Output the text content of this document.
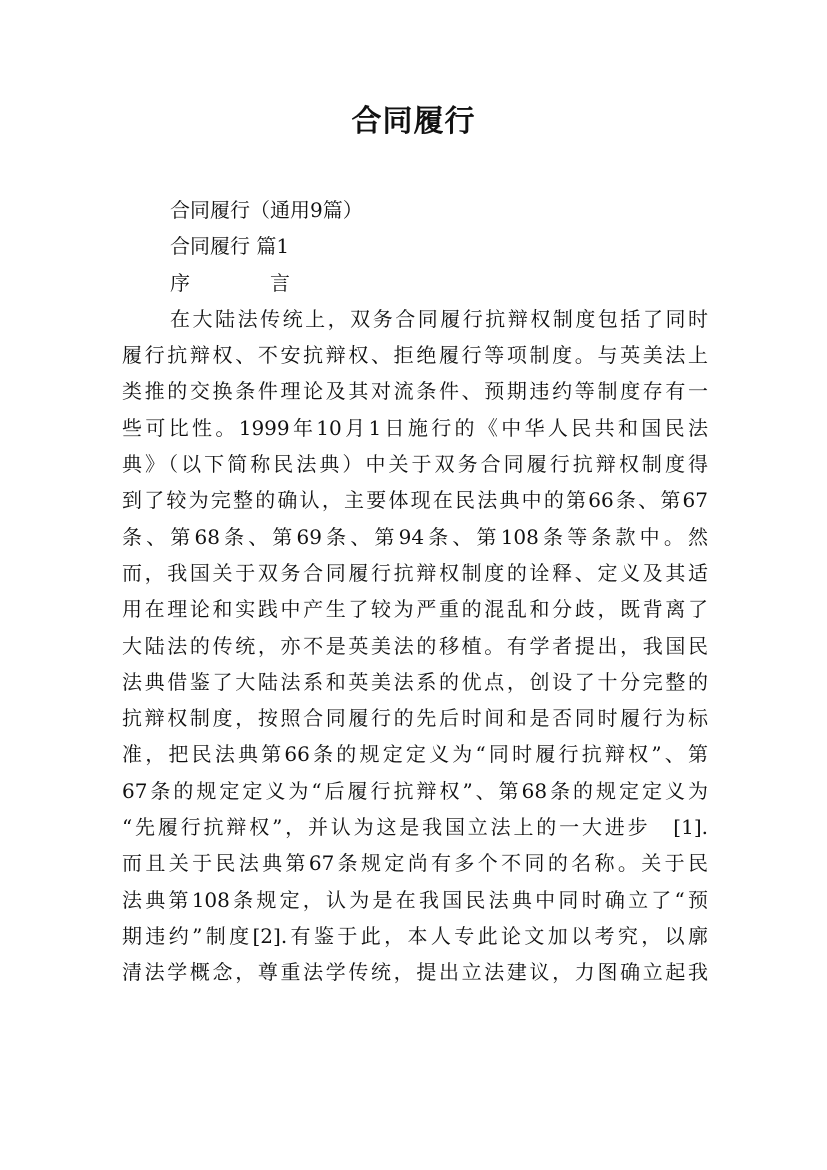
合同履行
合同履行（通用9篇）
合同履行 篇1
序　　　　言
在大陆法传统上，双务合同履行抗辩权制度包括了同时
履行抗辩权、不安抗辩权、拒绝履行等项制度。与英美法上
类推的交换条件理论及其对流条件、预期违约等制度存有一
些可比性。1999年10月1日施行的《中华人民共和国民法
典》（以下简称民法典）中关于双务合同履行抗辩权制度得
到了较为完整的确认，主要体现在民法典中的第66条、第67
条、第68条、第69条、第94条、第108条等条款中。然
而，我国关于双务合同履行抗辩权制度的诠释、定义及其适
用在理论和实践中产生了较为严重的混乱和分歧，既背离了
大陆法的传统，亦不是英美法的移植。有学者提出，我国民
法典借鉴了大陆法系和英美法系的优点，创设了十分完整的
抗辩权制度，按照合同履行的先后时间和是否同时履行为标
准，把民法典第66条的规定定义为“同时履行抗辩权”、第
67条的规定定义为“后履行抗辩权”、第68条的规定定义为
“先履行抗辩权”，并认为这是我国立法上的一大进步　[1].
而且关于民法典第67条规定尚有多个不同的名称。关于民
法典第108条规定，认为是在我国民法典中同时确立了“预
期违约”制度[2].有鉴于此，本人专此论文加以考究，以廓
清法学概念，尊重法学传统，提出立法建议，力图确立起我
